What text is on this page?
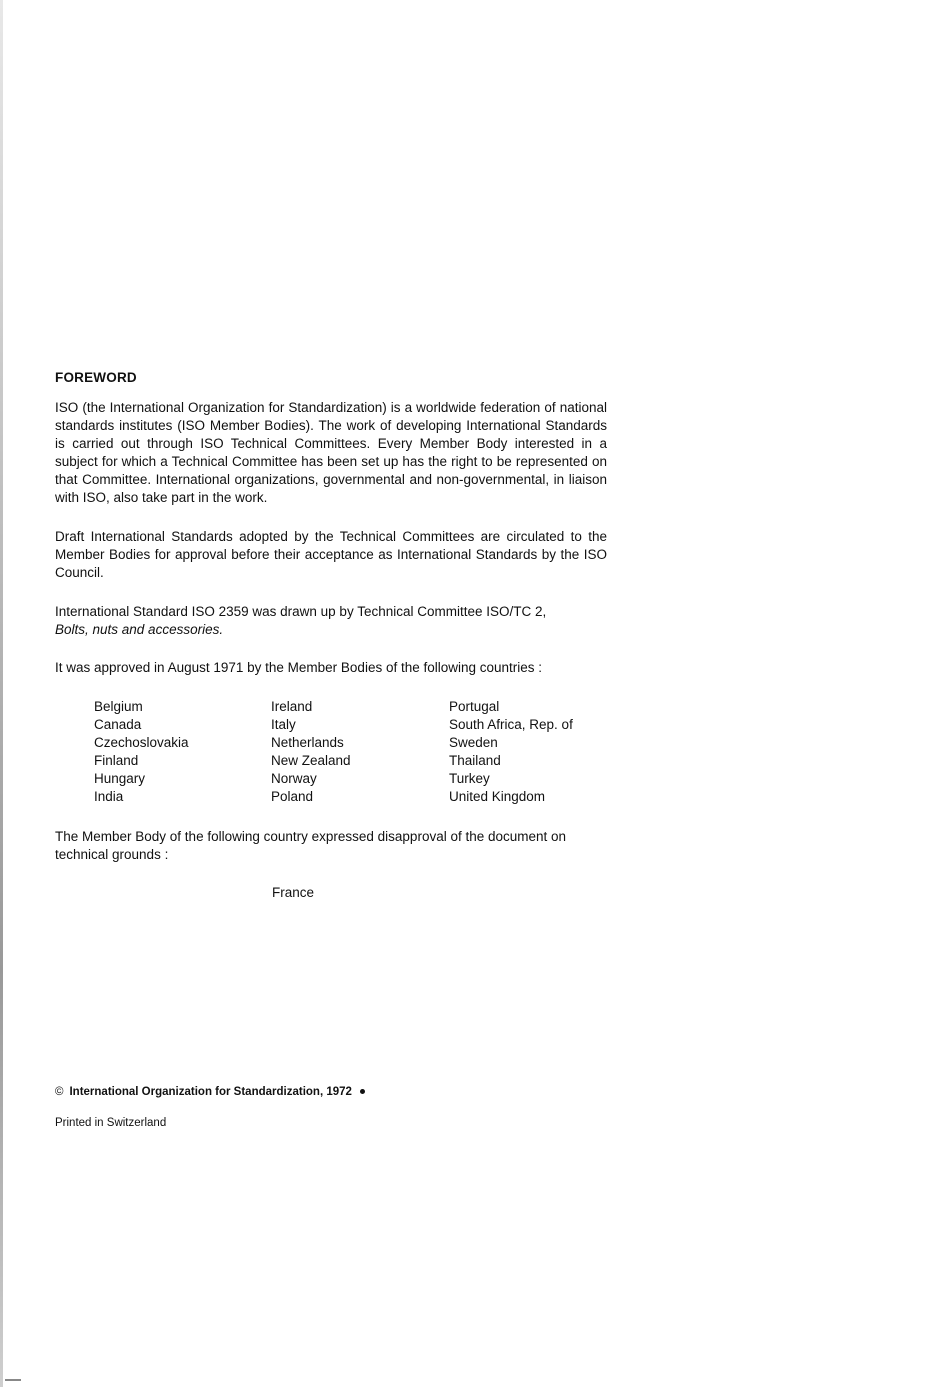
FOREWORD

ISO (the International Organization for Standardization) is a worldwide federation of national standards institutes (ISO Member Bodies). The work of developing International Standards is carried out through ISO Technical Committees. Every Member Body interested in a subject for which a Technical Committee has been set up has the right to be represented on that Committee. International organizations, governmental and non-governmental, in liaison with ISO, also take part in the work.

Draft International Standards adopted by the Technical Committees are circulated to the Member Bodies for approval before their acceptance as International Standards by the ISO Council.

International Standard ISO 2359 was drawn up by Technical Committee ISO/TC 2,
Bolts, nuts and accessories.

It was approved in August 1971 by the Member Bodies of the following countries :

Belgium
Canada
Czechoslovakia
Finland
Hungary
India
Ireland
Italy
Netherlands
New Zealand
Norway
Poland
Portugal
South Africa, Rep. of
Sweden
Thailand
Turkey
United Kingdom

The Member Body of the following country expressed disapproval of the document on technical grounds :

France
© International Organization for Standardization, 1972
Printed in Switzerland
